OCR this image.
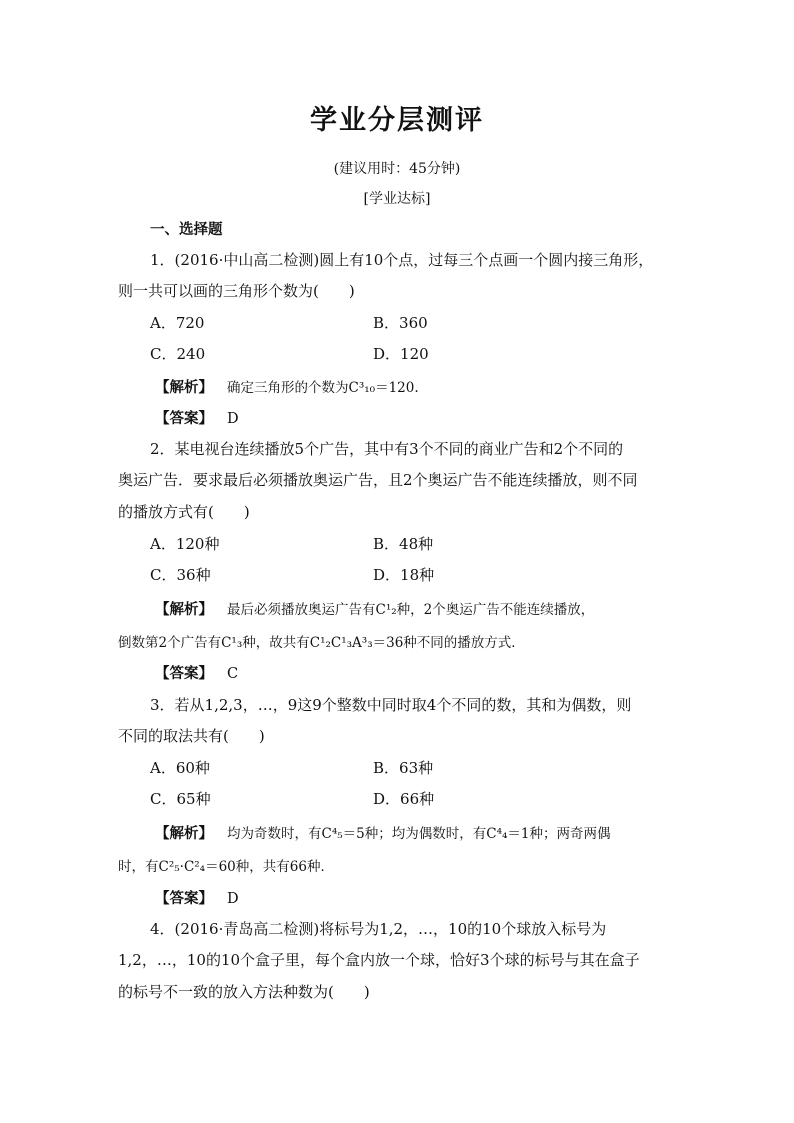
学业分层测评
(建议用时：45分钟)
[学业达标]
一、选择题
1．(2016·中山高二检测)圆上有10个点，过每三个点画一个圆内接三角形，
则一共可以画的三角形个数为(　　)
A．720	B．360
C．240	D．120
【解析】 确定三角形的个数为C³₁₀＝120.
【答案】 D
2．某电视台连续播放5个广告，其中有3个不同的商业广告和2个不同的
奥运广告．要求最后必须播放奥运广告，且2个奥运广告不能连续播放，则不同
的播放方式有(　　)
A．120种	B．48种
C．36种	D．18种
【解析】 最后必须播放奥运广告有C¹₂种，2个奥运广告不能连续播放，
倒数第2个广告有C¹₃种，故共有C¹₂C¹₃A³₃＝36种不同的播放方式．
【答案】 C
3．若从1,2,3，…，9这9个整数中同时取4个不同的数，其和为偶数，则
不同的取法共有(　　)
A．60种	B．63种
C．65种	D．66种
【解析】 均为奇数时，有C⁴₅＝5种；均为偶数时，有C⁴₄＝1种；两奇两偶
时，有C²₅·C²₄＝60种，共有66种．
【答案】 D
4．(2016·青岛高二检测)将标号为1,2，…，10的10个球放入标号为
1,2，…，10的10个盒子里，每个盒内放一个球，恰好3个球的标号与其在盒子
的标号不一致的放入方法种数为(　　)
